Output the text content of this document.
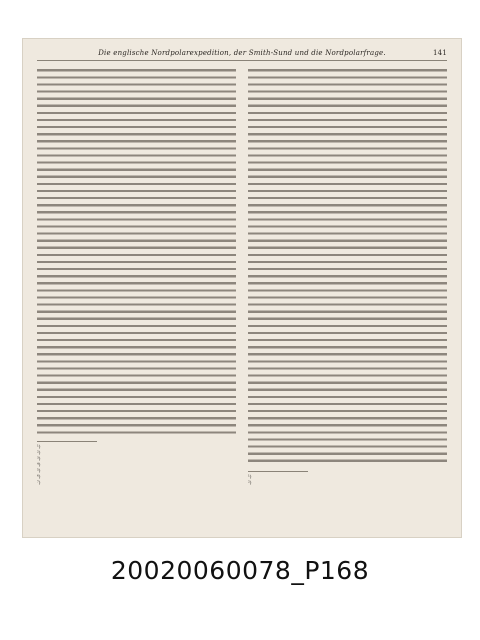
Die englische Nordpolarexpedition, der Smith-Sund und die Nordpolarfrage.	141

¹)
²)
³)
⁴)
⁵)
⁶)
⁷)

¹)
²)
20020060078_P168
